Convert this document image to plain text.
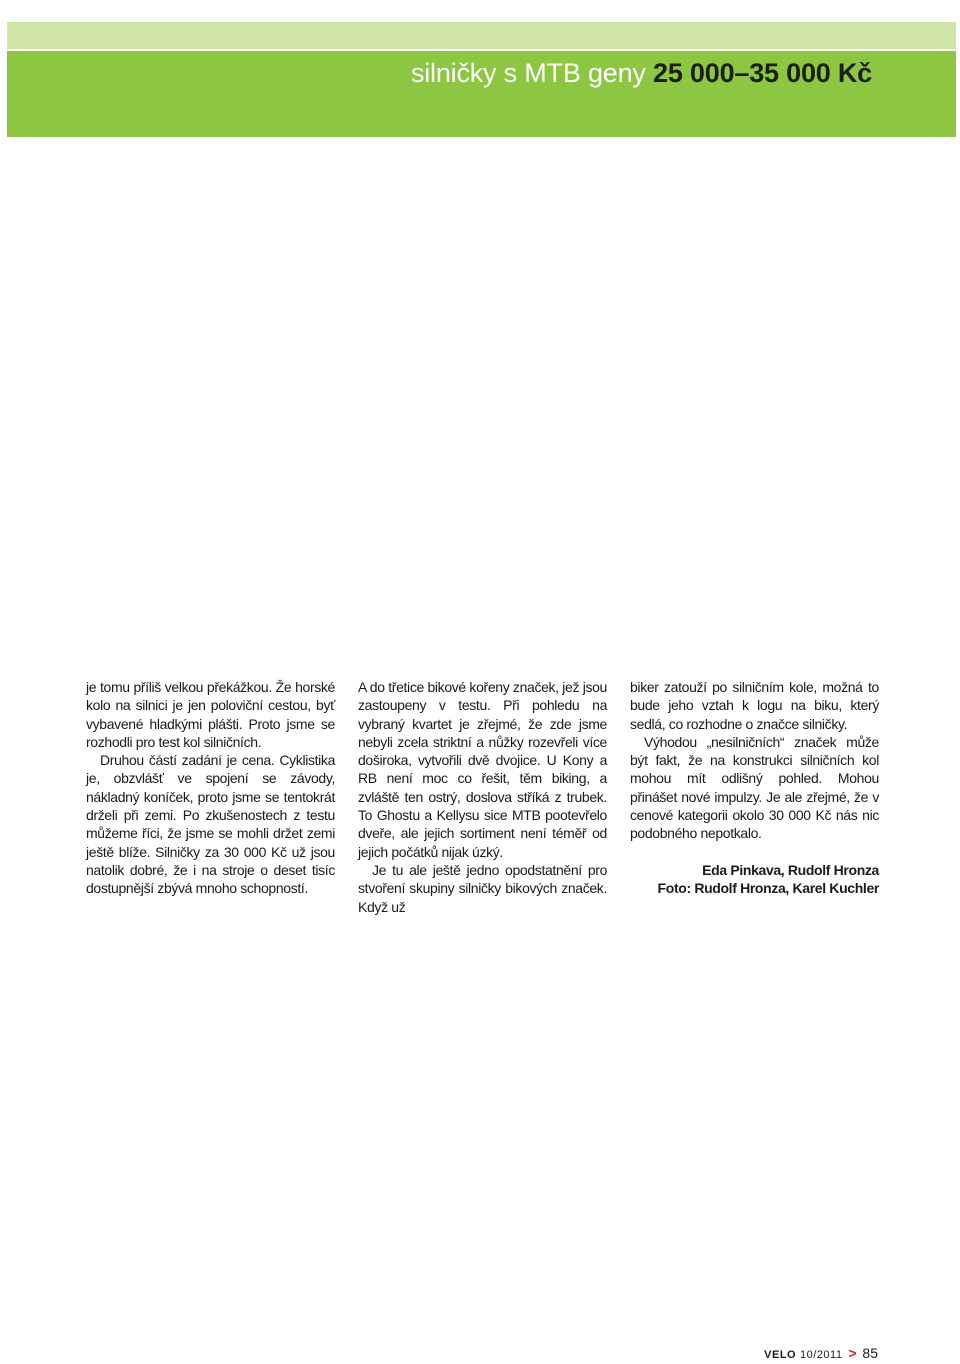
silničky s MTB geny 25 000–35 000 Kč

je tomu příliš velkou překážkou. Že horské kolo na silnici je jen poloviční cestou, byť vybavené hladkými plášti. Proto jsme se rozhodli pro test kol silničních.

Druhou částí zadání je cena. Cyklistika je, obzvlášť ve spojení se závody, nákladný koníček, proto jsme se tentokrát drželi při zemi. Po zkušenostech z testu můžeme říci, že jsme se mohli držet zemi ještě blíže. Silničky za 30 000 Kč už jsou natolik dobré, že i na stroje o deset tisíc dostupnější zbývá mnoho schopností.

A do třetice bikové kořeny značek, jež jsou zastoupeny v testu. Při pohledu na vybraný kvartet je zřejmé, že zde jsme nebyli zcela striktní a nůžky rozevřeli více doširoka, vytvořili dvě dvojice. U Kony a RB není moc co řešit, těm biking, a zvláště ten ostrý, doslova stříká z trubek. To Ghostu a Kellysu sice MTB pootevřelo dveře, ale jejich sortiment není téměř od jejich počátků nijak úzký.

Je tu ale ještě jedno opodstatnění pro stvoření skupiny silničky bikových značek. Když už

biker zatouží po silničním kole, možná to bude jeho vztah k logu na biku, který sedlá, co rozhodne o značce silničky.

Výhodou „nesilničních“ značek může být fakt, že na konstrukci silničních kol mohou mít odlišný pohled. Mohou přinášet nové impulzy. Je ale zřejmé, že v cenové kategorii okolo 30 000 Kč nás nic podobného nepotkalo.

Eda Pinkava, Rudolf Hronza
Foto: Rudolf Hronza, Karel Kuchler
VELO 10/2011 > 85
